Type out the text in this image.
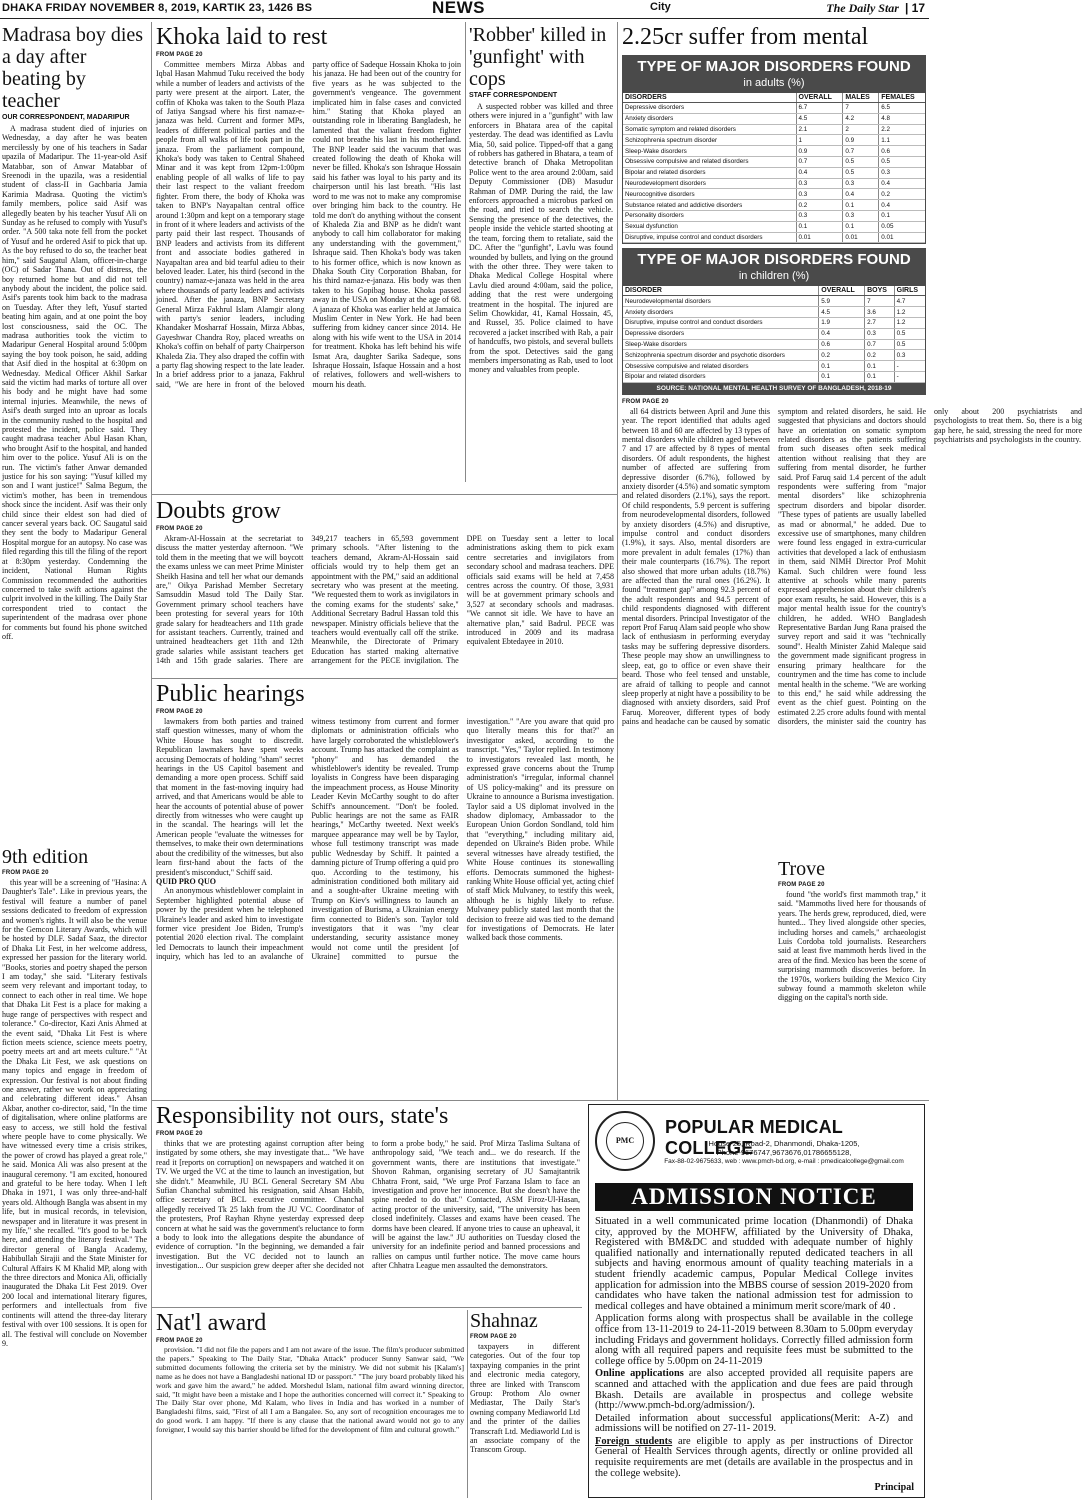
DHAKA FRIDAY NOVEMBER 8, 2019, KARTIK 23, 1426 BS	NEWS	City	The Daily Star | 17
Madrasa boy dies a day after beating by teacher
OUR CORRESPONDENT, MADARIPUR

A madrasa student died of injuries on Wednesday, a day after he was beaten mercilessly by one of his teachers in Sadar upazila of Madaripur. The 11-year-old Asif Matabbar, son of Anwar Matabbar of Sreenodi in the upazila, was a residential student of class-II in Gachbaria Jamia Karimia Madrasa. Quoting the victim's family members, police said Asif was allegedly beaten by his teacher Yusuf Ali on Sunday as he refused to comply with Yusuf's order. "A 500 taka note fell from the pocket of Yusuf and he ordered Asif to pick that up. As the boy refused to do so, the teacher beat him," said Saugatul Alam, officer-in-charge (OC) of Sadar Thana. Out of distress, the boy returned home but and did not tell anybody about the incident, the police said. Asif's parents took him back to the madrasa on Tuesday. After they left, Yusuf started beating him again, and at one point the boy lost consciousness, said the OC. The madrasa authorities took the victim to Madaripur General Hospital around 5:00pm saying the boy took poison, he said, adding that Asif died in the hospital at 6:30pm on Wednesday. Medical Officer Akhil Sarkar said the victim had marks of torture all over his body and he might have had some internal injuries. Meanwhile, the news of Asif's death surged into an uproar as locals in the community rushed to the hospital and protested the incident, police said. They caught madrasa teacher Abul Hasan Khan, who brought Asif to the hospital, and handed him over to the police. Yusuf Ali is on the run. The victim's father Anwar demanded justice for his son saying: "Yusuf killed my son and I want justice!" Salma Begum, the victim's mother, has been in tremendous shock since the incident. Asif was their only child since their eldest son had died of cancer several years back. OC Saugatul said they sent the body to Madaripur General Hospital morgue for an autopsy. No case was filed regarding this till the filing of the report at 8:30pm yesterday. Condemning the incident, National Human Rights Commission recommended the authorities concerned to take swift actions against the culprit involved in the killing. The Daily Star correspondent tried to contact the superintendent of the madrasa over phone for comments but found his phone switched off.

9th edition
FROM PAGE 20

this year will be a screening of "Hasina: A Daughter's Tale". Like in previous years, the festival will feature a number of panel sessions dedicated to freedom of expression and women's rights. It will also be the venue for the Gemcon Literary Awards, which will be hosted by DLF. Sadaf Saaz, the director of Dhaka Lit Fest, in her welcome address, expressed her passion for the literary world. "Books, stories and poetry shaped the person I am today," she said. "Literary festivals seem very relevant and important today, to connect to each other in real time. We hope that Dhaka Lit Fest is a place for making a huge range of perspectives with respect and tolerance." Co-director, Kazi Anis Ahmed at the event said, "Dhaka Lit Fest is where fiction meets science, science meets poetry, poetry meets art and art meets culture." "At the Dhaka Lit Fest, we ask questions on many topics and engage in freedom of expression. Our festival is not about finding one answer, rather we work on appreciating and celebrating different ideas." Ahsan Akbar, another co-director, said, "In the time of digitalisation, where online platforms are easy to access, we still hold the festival where people have to come physically. We have witnessed every time a crisis strikes, the power of crowd has played a great role," he said. Monica Ali was also present at the inaugural ceremony. "I am excited, honoured and grateful to be here today. When I left Dhaka in 1971, I was only three-and-half years old. Although Bangla was absent in my life, but in musical records, in television, newspaper and in literature it was present in my life," she recalled. "It's good to be back here, and attending the literary festival." The director general of Bangla Academy, Habibullah Sirajii and the State Minister for Cultural Affairs K M Khalid MP, along with the three directors and Monica Ali, officially inaugurated the Dhaka Lit Fest 2019. Over 200 local and international literary figures, performers and intellectuals from five continents will attend the three-day literary festival with over 100 sessions. It is open for all. The festival will conclude on November 9.

Khoka laid to rest
FROM PAGE 20

Committee members Mirza Abbas and Iqbal Hasan Mahmud Tuku received the body while a number of leaders and activists of the party were present at the airport. Later, the coffin of Khoka was taken to the South Plaza of Jatiya Sangsad where his first namaz-e-janaza was held. Current and former MPs, leaders of different political parties and the people from all walks of life took part in the janaza. From the parliament compound, Khoka's body was taken to Central Shaheed Minar and it was kept from 12pm-1:00pm enabling people of all walks of life to pay their last respect to the valiant freedom fighter. From there, the body of Khoka was taken to BNP's Nayapaltan central office around 1:30pm and kept on a temporary stage in front of it where leaders and activists of the party paid their last respect. Thousands of BNP leaders and activists from its different front and associate bodies gathered in Nayapaltan area and bid tearful adieu to their beloved leader. Later, his third (second in the country) namaz-e-janaza was held in the area where thousands of party leaders and activists joined. After the janaza, BNP Secretary General Mirza Fakhrul Islam Alamgir along with party's senior leaders, including Khandaker Mosharraf Hossain, Mirza Abbas, Gayeshwar Chandra Roy, placed wreaths on Khoka's coffin on behalf of party Chairperson Khaleda Zia. They also draped the coffin with a party flag showing respect to the late leader. In a brief address prior to a janaza, Fakhrul said, "We are here in front of the beloved party office of Sadeque Hossain Khoka to join his janaza. He had been out of the country for five years as he was subjected to the government's vengeance. The government implicated him in false cases and convicted him." Stating that Khoka played an outstanding role in liberating Bangladesh, he lamented that the valiant freedom fighter could not breathe his last in his motherland. The BNP leader said the vacuum that was created following the death of Khoka will never be filled. Khoka's son Ishraque Hossain said his father was loyal to his party and its chairperson until his last breath. "His last word to me was not to make any compromise over bringing him back to the country. He told me don't do anything without the consent of Khaleda Zia and BNP as he didn't want anybody to call him collaborator for making any understanding with the government," Ishraque said. Then Khoka's body was taken to his former office, which is now known as Dhaka South City Corporation Bhaban, for his third namaz-e-janaza. His body was then taken to his Gopibag house. Khoka passed away in the USA on Monday at the age of 68. A janaza of Khoka was earlier held at Jamaica Muslim Center in New York. He had been suffering from kidney cancer since 2014. He along with his wife went to the USA in 2014 for treatment. Khoka has left behind his wife Ismat Ara, daughter Sarika Sadeque, sons Ishraque Hossain, Isfaque Hossain and a host of relatives, followers and well-wishers to mourn his death.

'Robber' killed in 'gunfight' with cops
STAFF CORRESPONDENT

A suspected robber was killed and three others were injured in a "gunfight" with law enforcers in Bhatara area of the capital yesterday. The dead was identified as Lavlu Mia, 50, said police. Tipped-off that a gang of robbers has gathered in Bhatara, a team of detective branch of Dhaka Metropolitan Police went to the area around 2:00am, said Deputy Commissioner (DB) Masudur Rahman of DMP. During the raid, the law enforcers approached a microbus parked on the road, and tried to search the vehicle. Sensing the presence of the detectives, the people inside the vehicle started shooting at the team, forcing them to retaliate, said the DC. After the "gunfight", Lavlu was found wounded by bullets, and lying on the ground with the other three. They were taken to Dhaka Medical College Hospital where Lavlu died around 4:00am, said the police, adding that the rest were undergoing treatment in the hospital. The injured are Selim Chowkidar, 41, Kamal Hossain, 45, and Russel, 35. Police claimed to have recovered a jacket inscribed with Rab, a pair of handcuffs, two pistols, and several bullets from the spot. Detectives said the gang members impersonating as Rab, used to loot money and valuables from people.

Doubts grow
FROM PAGE 20

Akram-Al-Hossain at the secretariat to discuss the matter yesterday afternoon. "We told them in the meeting that we will boycott the exams unless we can meet Prime Minister Sheikh Hasina and tell her what our demands are," Oikya Parishad Member Secretary Samsuddin Masud told The Daily Star. Government primary school teachers have been protesting for several years for 10th grade salary for headteachers and 11th grade for assistant teachers. Currently, trained and untrained headteachers get 11th and 12th grade salaries while assistant teachers get 14th and 15th grade salaries. There are 349,217 teachers in 65,593 government primary schools. "After listening to the teachers demand, Akram-Al-Hossain said officials would try to help them get an appointment with the PM," said an additional secretary who was present at the meeting. "We requested them to work as invigilators in the coming exams for the students' sake," Additional Secretary Badrul Hassan told this newspaper. Ministry officials believe that the teachers would eventually call off the strike. Meanwhile, the Directorate of Primary Education has started making alternative arrangement for the PECE invigilation. The DPE on Tuesday sent a letter to local administrations asking them to pick exam centre secretaries and invigilators from secondary school and madrasa teachers. DPE officials said exams will be held at 7,458 centres across the country. Of those, 3,931 will be at government primary schools and 3,527 at secondary schools and madrasas. "We cannot sit idle. We have to have an alternative plan," said Badrul. PECE was introduced in 2009 and its madrasa equivalent Ebtedayee in 2010.

Public hearings
FROM PAGE 20

lawmakers from both parties and trained staff question witnesses, many of whom the White House has sought to discredit. Republican lawmakers have spent weeks accusing Democrats of holding "sham" secret hearings in the US Capitol basement and demanding a more open process. Schiff said that moment in the fast-moving inquiry had arrived, and that Americans would be able to hear the accounts of potential abuse of power directly from witnesses who were caught up in the scandal. The hearings will let the American people "evaluate the witnesses for themselves, to make their own determinations about the credibility of the witnesses, but also learn first-hand about the facts of the president's misconduct," Schiff said.

QUID PRO QUO

An anonymous whistleblower complaint in September highlighted potential abuse of power by the president when he telephoned Ukraine's leader and asked him to investigate former vice president Joe Biden, Trump's potential 2020 election rival. The complaint led Democrats to launch their impeachment inquiry, which has led to an avalanche of witness testimony from current and former diplomats or administration officials who have largely corroborated the whistleblower's account. Trump has attacked the complaint as "phony" and has demanded the whistleblower's identity be revealed. Trump loyalists in Congress have been disparaging the impeachment process, as House Minority Leader Kevin McCarthy sought to do after Schiff's announcement. "Don't be fooled. Public hearings are not the same as FAIR hearings," McCarthy tweeted. Next week's marquee appearance may well be by Taylor, whose full testimony transcript was made public Wednesday by Schiff. It painted a damning picture of Trump offering a quid pro quo. According to the testimony, his administration conditioned both military aid and a sought-after Ukraine meeting with Trump on Kiev's willingness to launch an investigation of Burisma, a Ukrainian energy firm connected to Biden's son. Taylor told investigators that it was "my clear understanding, security assistance money would not come until the president [of Ukraine] committed to pursue the investigation." "Are you aware that quid pro quo literally means this for that?" an investigator asked, according to the transcript. "Yes," Taylor replied. In testimony to investigators revealed last month, he expressed grave concerns about the Trump administration's "irregular, informal channel of US policy-making" and its pressure on Ukraine to announce a Burisma investigation. Taylor said a US diplomat involved in the shadow diplomacy, Ambassador to the European Union Gordon Sondland, told him that "everything," including military aid, depended on Ukraine's Biden probe. While several witnesses have already testified, the White House continues its stonewalling efforts. Democrats summoned the highest-ranking White House official yet, acting chief of staff Mick Mulvaney, to testify this week, although he is highly likely to refuse. Mulvaney publicly stated last month that the decision to freeze aid was tied to the demand for investigations of Democrats. He later walked back those comments.

2.25cr suffer from mental
TYPE OF MAJOR DISORDERS FOUND
in adults (%)
DISORDERS	OVERALL	MALES	FEMALES
Depressive disorders	6.7	7	6.5
Anxiety disorders	4.5	4.2	4.8
Somatic symptom and related disorders	2.1	2	2.2
Schizophrenia spectrum disorder	1	0.9	1.1
Sleep-Wake disorders	0.9	0.7	0.6
Obsessive compulsive and related disorders	0.7	0.5	0.5
Bipolar and related disorders	0.4	0.5	0.3
Neurodevelopment disorders	0.3	0.3	0.4
Neurocognitive disorders	0.3	0.4	0.2
Substance related and addictive disorders	0.2	0.1	0.4
Personality disorders	0.3	0.3	0.1
Sexual dysfunction	0.1	0.1	0.05
Disruptive, impulse control and conduct disorders	0.01	0.01	0.01
TYPE OF MAJOR DISORDERS FOUND
in children (%)
DISORDER	OVERALL	BOYS	GIRLS
Neurodevelopmental disorders	5.9	7	4.7
Anxiety disorders	4.5	3.6	1.2
Disruptive, impulse control and conduct disorders	1.9	2.7	1.2
Depressive disorders	0.4	0.3	0.5
Sleep-Wake disorders	0.6	0.7	0.5
Schizophrenia spectrum disorder and psychotic disorders	0.2	0.2	0.3
Obsessive compulsive and related disorders	0.1	0.1	-
Bipolar and related disorders	0.1	0.1	-
SOURCE: NATIONAL MENTAL HEALTH SURVEY OF BANGLADESH, 2018-19
FROM PAGE 20

all 64 districts between April and June this year. The report identified that adults aged between 18 and 60 are affected by 13 types of mental disorders while children aged between 7 and 17 are affected by 8 types of mental disorders. Of adult respondents, the highest number of affected are suffering from depressive disorder (6.7%), followed by anxiety disorder (4.5%) and somatic symptom and related disorders (2.1%), says the report. Of child respondents, 5.9 percent is suffering from neurodevelopmental disorders, followed by anxiety disorders (4.5%) and disruptive, impulse control and conduct disorders (1.9%), it says. Also, mental disorders are more prevalent in adult females (17%) than their male counterparts (16.7%). The report also showed that more urban adults (18.7%) are affected than the rural ones (16.2%). It found "treatment gap" among 92.3 percent of the adult respondents and 94.5 percent of child respondents diagnosed with different mental disorders. Principal Investigator of the report Prof Faruq Alam said people who show lack of enthusiasm in performing everyday tasks may be suffering depressive disorders. These people may show an unwillingness to sleep, eat, go to office or even shave their beard. Those who feel tensed and unstable, are afraid of talking to people and cannot sleep properly at night have a possibility to be diagnosed with anxiety disorders, said Prof Faruq. Moreover, different types of body pains and headache can be caused by somatic symptom and related disorders, he said. He suggested that physicians and doctors should have an orientation on somatic symptom related disorders as the patients suffering from such diseases often seek medical attention without realising that they are suffering from mental disorder, he further said. Prof Faruq said 1.4 percent of the adult respondents were suffering from "major mental disorders" like schizophrenia spectrum disorders and bipolar disorder. "These types of patients are usually labelled as mad or abnormal," he added. Due to excessive use of smartphones, many children were found less engaged in extra-curricular activities that developed a lack of enthusiasm in them, said NIMH Director Prof Mohit Kamal. Such children were found less attentive at schools while many parents expressed apprehension about their children's poor exam results, he said. However, this is a major mental health issue for the country's children, he added. WHO Bangladesh Representative Bardan Jung Rana praised the survey report and said it was "technically sound". Health Minister Zahid Maleque said the government made significant progress in ensuring primary healthcare for the countrymen and the time has come to include mental health in the scheme. "We are working to this end," he said while addressing the event as the chief guest. Pointing on the estimated 2.25 crore adults found with mental disorders, the minister said the country has only about 200 psychiatrists and psychologists to treat them. So, there is a big gap here, he said, stressing the need for more psychiatrists and psychologists in the country.

Trove
FROM PAGE 20

found "the world's first mammoth trap," it said. "Mammoths lived here for thousands of years. The herds grew, reproduced, died, were hunted... They lived alongside other species, including horses and camels," archaeologist Luis Cordoba told journalists. Researchers said at least five mammoth herds lived in the area of the find. Mexico has been the scene of surprising mammoth discoveries before. In the 1970s, workers building the Mexico City subway found a mammoth skeleton while digging on the capital's north side.

Responsibility not ours, state's
FROM PAGE 20

thinks that we are protesting against corruption after being instigated by some others, she may investigate that... "We have read it [reports on corruption] on newspapers and watched it on TV. We urged the VC at the time to launch an investigation, but she didn't." Meanwhile, JU BCL General Secretary SM Abu Sufian Chanchal submitted his resignation, said Ahsan Habib, office secretary of BCL executive committee. Chanchal allegedly received Tk 25 lakh from the JU VC. Coordinator of the protesters, Prof Rayhan Rhyne yesterday expressed deep concern at what he said was the government's reluctance to form a body to look into the allegations despite the abundance of evidence of corruption. "In the beginning, we demanded a fair investigation. But the VC decided not to launch an investigation... Our suspicion grew deeper after she decided not to form a probe body," he said. Prof Mirza Taslima Sultana of anthropology said, "We teach and... we do research. If the government wants, there are institutions that investigate." Shovon Rahman, organising secretary of JU Samajtantrik Chhatra Front, said, "We urge Prof Farzana Islam to face an investigation and prove her innocence. But she doesn't have the spine needed to do that." Contacted, ASM Firoz-Ul-Hasan, acting proctor of the university, said, "The university has been closed indefinitely. Classes and exams have been ceased. The dorms have been cleared. If anyone tries to cause an upheaval, it will be against the law." JU authorities on Tuesday closed the university for an indefinite period and banned processions and rallies on campus until further notice. The move came hours after Chhatra League men assaulted the demonstrators.

Nat'l award
FROM PAGE 20

provision. "I did not file the papers and I am not aware of the issue. The film's producer submitted the papers." Speaking to The Daily Star, "Dhaka Attack" producer Sunny Sanwar said, "We submitted documents following the criteria set by the ministry. We did not submit his [Kalam's] name as he does not have a Bangladeshi national ID or passport." "The jury board probably liked his work and gave him the award," he added. Morshedul Islam, national film award winning director, said, "It might have been a mistake and I hope the authorities concerned will correct it." Speaking to The Daily Star over phone, Md Kalam, who lives in India and has worked in a number of Bangladeshi films, said, "First of all I am a Bangalee. So, any sort of recognition encourages me to do good work. I am happy. "If there is any clause that the national award would not go to any foreigner, I would say this barrier should be lifted for the development of film and cultural growth."

Shahnaz
FROM PAGE 20

taxpayers in different categories. Out of the four top taxpaying companies in the print and electronic media category, three are linked with Transcom Group: Prothom Alo owner Mediastar, The Daily Star's owning company Mediaworld Ltd and the printer of the dailies Transcraft Ltd. Mediaworld Ltd is an associate company of the Transcom Group.

PMC
POPULAR MEDICAL COLLEGE
House-25, Road-2, Dhanmondi, Dhaka-1205,
Phone-9676747,9673676,01786655128,
Fax-88-02-9675633, web : www.pmch-bd.org, e-mail : pmedicalcollege@gmail.com
ADMISSION NOTICE

Situated in a well communicated prime location (Dhanmondi) of Dhaka city, approved by the MOHFW, affiliated by the University of Dhaka, Registered with BM&DC and studded with adequate number of highly qualified nationally and internationally reputed dedicated teachers in all subjects and having enormous amount of quality teaching materials in a student friendly academic campus, Popular Medical College invites application for admission into the MBBS course of session 2019-2020 from candidates who have taken the national admission test for admission to medical colleges and have obtained a minimum merit score/mark of 40 .

Application forms along with prospectus shall be available in the college office from 13-11-2019 to 24-11-2019 between 8.30am to 5.00pm everyday including Fridays and government holidays. Correctly filled admission form along with all required papers and requisite fees must be submitted to the college office by 5.00pm on 24-11-2019

Online applications are also accepted provided all requisite papers are scanned and attached with the application and due fees are paid through Bkash. Details are available in prospectus and college website (http://www.pmch-bd.org/admission/).

Detailed information about successful applications(Merit: A-Z) and admissions will be notified on 27-11- 2019.

Foreign students are eligible to apply as per instructions of Director General of Health Services through agents, directly or online provided all requisite requirements are met (details are available in the prospectus and in the college website).

Principal
